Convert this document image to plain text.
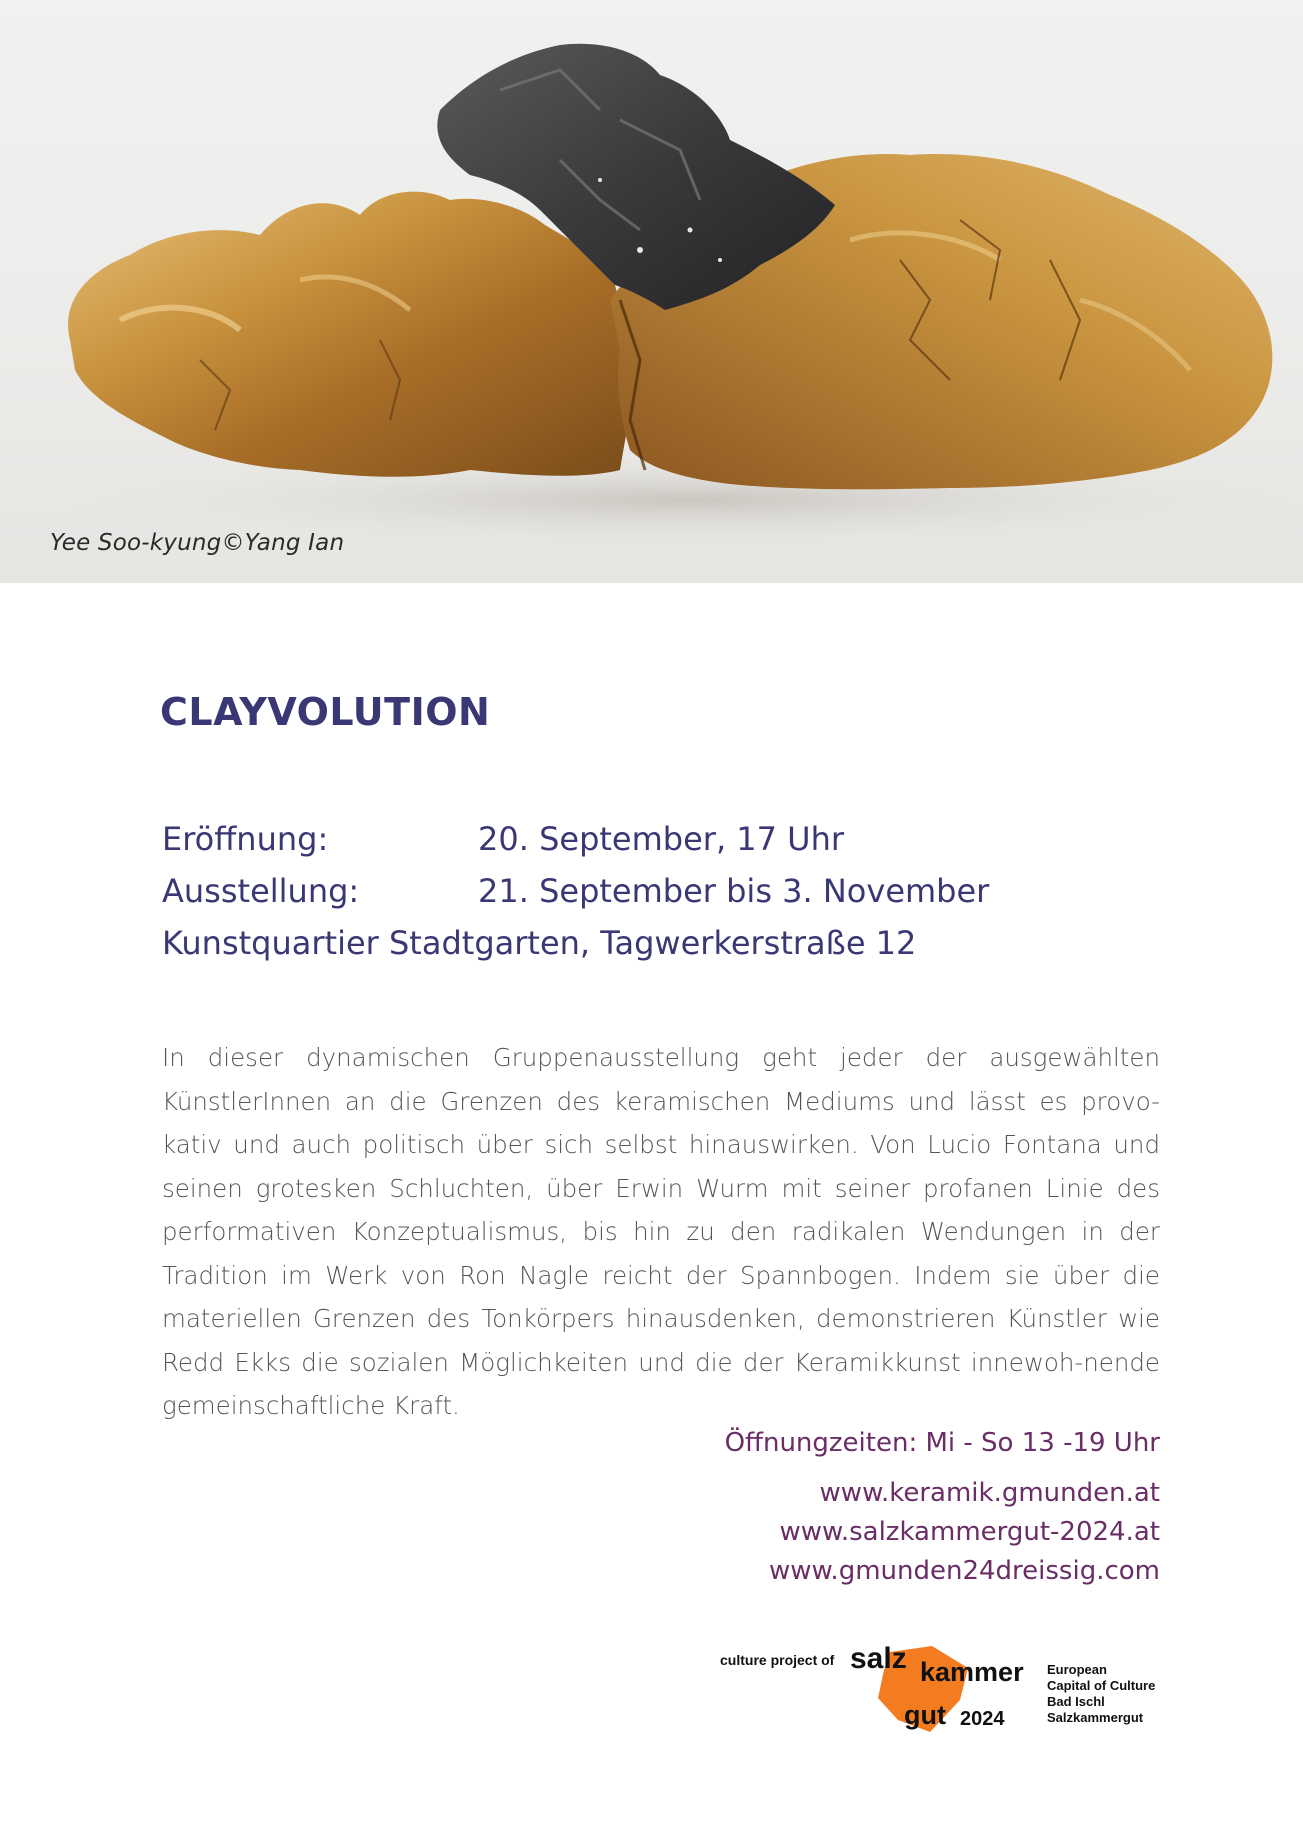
Yee Soo-kyung©Yang Ian
CLAYVOLUTION
Eröffnung:	20. September, 17 Uhr
Ausstellung:	21. September bis 3. November
Kunstquartier Stadtgarten, Tagwerkerstraße 12
In dieser dynamischen Gruppenausstellung geht jeder der ausgewählten KünstlerInnen an die Grenzen des keramischen Mediums und lässt es provo-kativ und auch politisch über sich selbst hinauswirken. Von Lucio Fontana und seinen grotesken Schluchten, über Erwin Wurm mit seiner profanen Linie des performativen Konzeptualismus, bis hin zu den radikalen Wendungen in der Tradition im Werk von Ron Nagle reicht der Spannbogen. Indem sie über die materiellen Grenzen des Tonkörpers hinausdenken, demonstrieren Künstler wie Redd Ekks die sozialen Möglichkeiten und die der Keramikkunst innewoh-nende gemeinschaftliche Kraft.
Öffnungzeiten: Mi - So 13 -19 Uhr
www.keramik.gmunden.at
www.salzkammergut-2024.at
www.gmunden24dreissig.com
culture project of salz kammer
gut 2024
European
Capital of Culture
Bad Ischl
Salzkammergut
